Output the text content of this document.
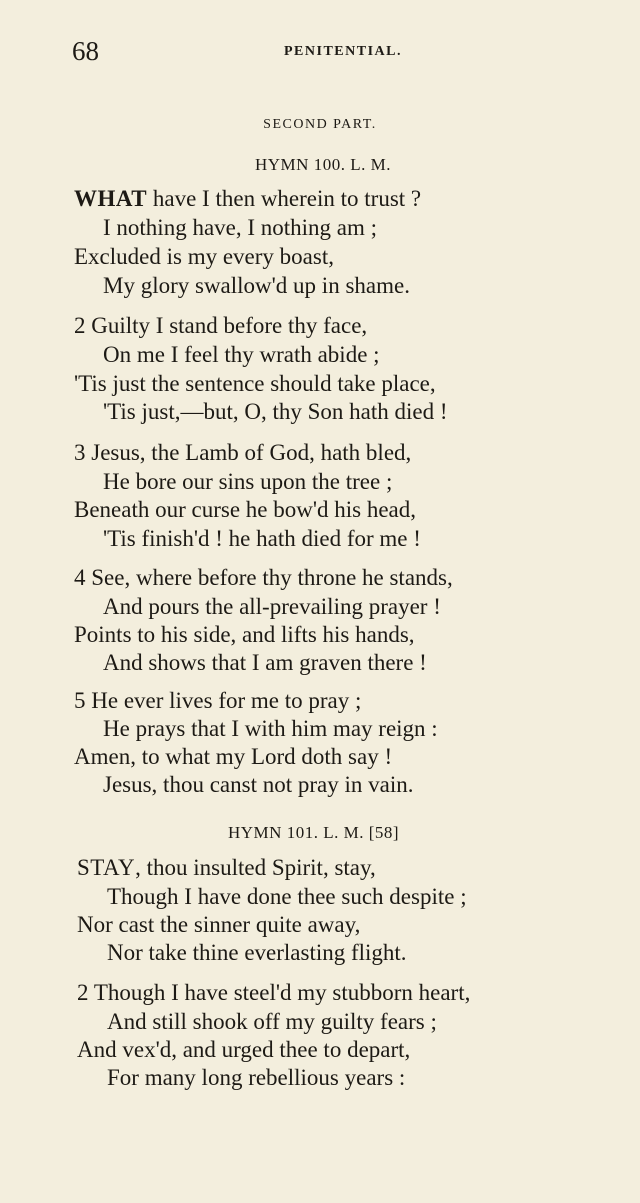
68	PENITENTIAL.
SECOND PART.
HYMN 100. L. M.
WHAT have I then wherein to trust ?
I nothing have, I nothing am ;
Excluded is my every boast,
My glory swallow'd up in shame.
2 Guilty I stand before thy face,
On me I feel thy wrath abide ;
'Tis just the sentence should take place,
'Tis just,—but, O, thy Son hath died !
3 Jesus, the Lamb of God, hath bled,
He bore our sins upon the tree ;
Beneath our curse he bow'd his head,
'Tis finish'd ! he hath died for me !
4 See, where before thy throne he stands,
And pours the all-prevailing prayer !
Points to his side, and lifts his hands,
And shows that I am graven there !
5 He ever lives for me to pray ;
He prays that I with him may reign :
Amen, to what my Lord doth say !
Jesus, thou canst not pray in vain.
HYMN 101. L. M. [58]
STAY, thou insulted Spirit, stay,
Though I have done thee such despite ;
Nor cast the sinner quite away,
Nor take thine everlasting flight.
2 Though I have steel'd my stubborn heart,
And still shook off my guilty fears ;
And vex'd, and urged thee to depart,
For many long rebellious years :
